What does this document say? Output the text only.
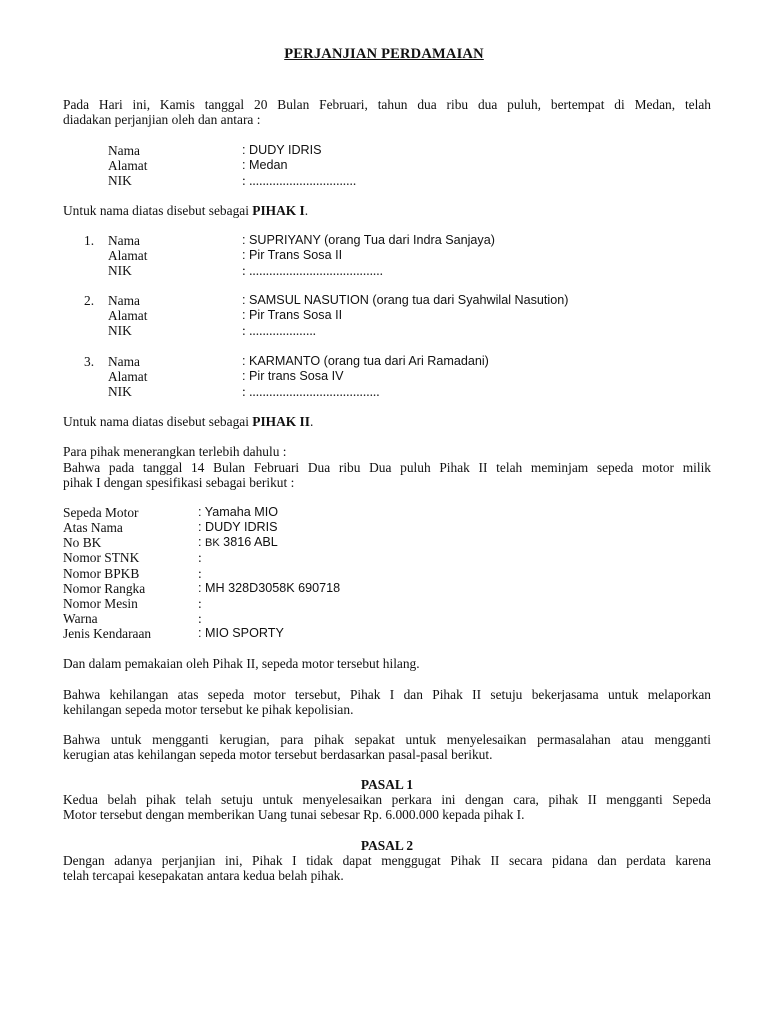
PERJANJIAN PERDAMAIAN
Pada Hari ini, Kamis tanggal 20 Bulan Februari, tahun dua ribu dua puluh, bertempat di Medan, telah
diadakan perjanjian oleh dan antara :
Nama	: DUDY IDRIS
Alamat	: Medan
NIK	: ................................
Untuk nama diatas disebut sebagai PIHAK I.
1. Nama	: SUPRIYANY (orang Tua dari Indra Sanjaya)
Alamat	: Pir Trans Sosa II
NIK	: ........................................
2. Nama	: SAMSUL NASUTION (orang tua dari Syahwilal Nasution)
Alamat	: Pir Trans Sosa II
NIK	: ....................
3. Nama	: KARMANTO (orang tua dari Ari Ramadani)
Alamat	: Pir trans Sosa IV
NIK	: .......................................
Untuk nama diatas disebut sebagai PIHAK II.
Para pihak menerangkan terlebih dahulu :
Bahwa pada tanggal 14 Bulan Februari Dua ribu Dua puluh Pihak II telah meminjam sepeda motor milik
pihak I dengan spesifikasi sebagai berikut :
Sepeda Motor	: Yamaha MIO
Atas Nama	: DUDY IDRIS
No BK	: BK 3816 ABL
Nomor STNK	:
Nomor BPKB	:
Nomor Rangka	: MH 328D3058K 690718
Nomor Mesin	:
Warna	:
Jenis Kendaraan	: MIO SPORTY
Dan dalam pemakaian oleh Pihak II, sepeda motor tersebut hilang.
Bahwa kehilangan atas sepeda motor tersebut, Pihak I dan Pihak II setuju bekerjasama untuk melaporkan
kehilangan sepeda motor tersebut ke pihak kepolisian.
Bahwa untuk mengganti kerugian, para pihak sepakat untuk menyelesaikan permasalahan atau mengganti
kerugian atas kehilangan sepeda motor tersebut berdasarkan pasal-pasal berikut.
PASAL 1
Kedua belah pihak telah setuju untuk menyelesaikan perkara ini dengan cara, pihak II mengganti Sepeda
Motor tersebut dengan memberikan Uang tunai sebesar Rp. 6.000.000 kepada pihak I.
PASAL 2
Dengan adanya perjanjian ini, Pihak I tidak dapat menggugat Pihak II secara pidana dan perdata karena
telah tercapai kesepakatan antara kedua belah pihak.
